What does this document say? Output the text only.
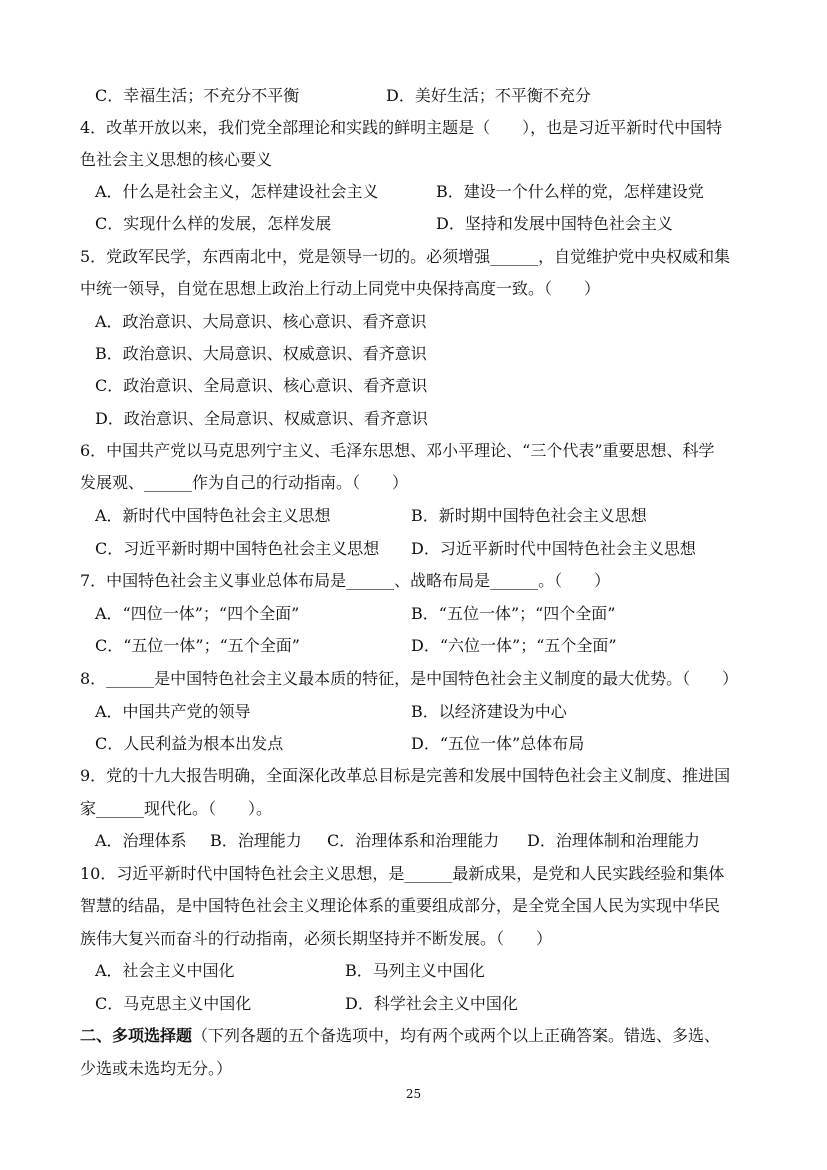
C．幸福生活；不充分不平衡	D．美好生活；不平衡不充分
4．改革开放以来，我们党全部理论和实践的鲜明主题是（　　），也是习近平新时代中国特
色社会主义思想的核心要义
A．什么是社会主义，怎样建设社会主义	B．建设一个什么样的党，怎样建设党
C．实现什么样的发展，怎样发展	D．坚持和发展中国特色社会主义
5．党政军民学，东西南北中，党是领导一切的。必须增强______，自觉维护党中央权威和集
中统一领导，自觉在思想上政治上行动上同党中央保持高度一致。（　　）
A．政治意识、大局意识、核心意识、看齐意识
B．政治意识、大局意识、权威意识、看齐意识
C．政治意识、全局意识、核心意识、看齐意识
D．政治意识、全局意识、权威意识、看齐意识
6．中国共产党以马克思列宁主义、毛泽东思想、邓小平理论、“三个代表”重要思想、科学
发展观、______作为自己的行动指南。（　　）
A．新时代中国特色社会主义思想	B．新时期中国特色社会主义思想
C．习近平新时期中国特色社会主义思想 D．习近平新时代中国特色社会主义思想
7．中国特色社会主义事业总体布局是______、战略布局是______。（　　）
A．“四位一体”；“四个全面”	B．“五位一体”；“四个全面”
C．“五位一体”；“五个全面”	D．“六位一体”；“五个全面”
8．______是中国特色社会主义最本质的特征，是中国特色社会主义制度的最大优势。（　　）
A．中国共产党的领导	B．以经济建设为中心
C．人民利益为根本出发点	D．“五位一体”总体布局
9．党的十九大报告明确，全面深化改革总目标是完善和发展中国特色社会主义制度、推进国
家______现代化。（　　）。
A．治理体系 B．治理能力 C．治理体系和治理能力 D．治理体制和治理能力
10．习近平新时代中国特色社会主义思想，是______最新成果，是党和人民实践经验和集体
智慧的结晶，是中国特色社会主义理论体系的重要组成部分，是全党全国人民为实现中华民
族伟大复兴而奋斗的行动指南，必须长期坚持并不断发展。（　　）
A．社会主义中国化	B．马列主义中国化
C．马克思主义中国化	D．科学社会主义中国化
二、多项选择题（下列各题的五个备选项中，均有两个或两个以上正确答案。错选、多选、
少选或未选均无分。）
25
